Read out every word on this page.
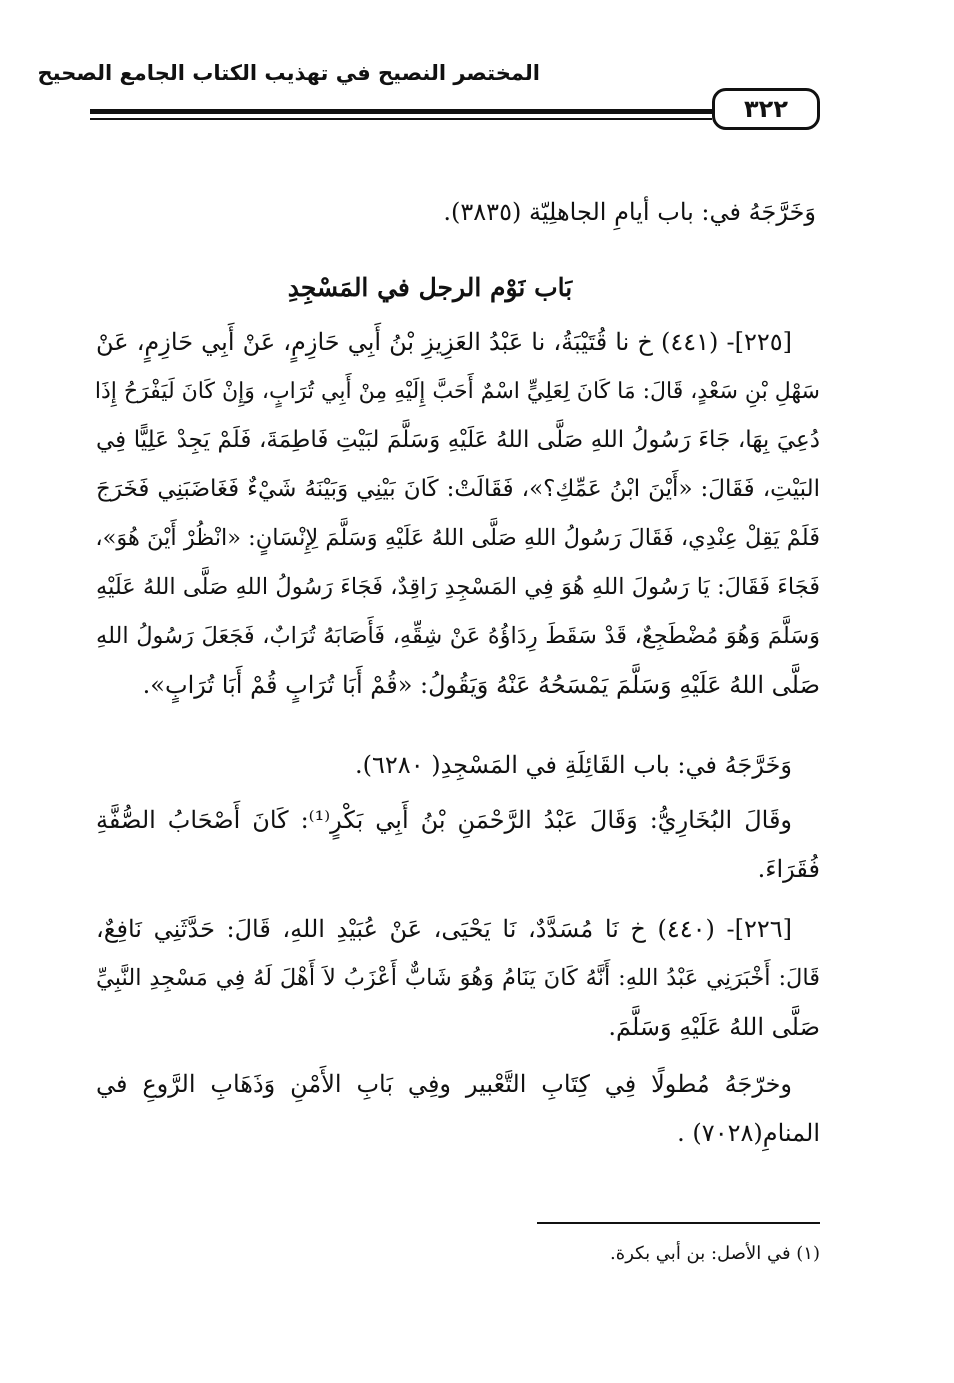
المختصر النصيح في تهذيب الكتاب الجامع الصحيح
٣٢٢
وَخَرَّجَهُ في: باب أيامِ الجاهلِيّة (٣٨٣٥).
بَاب نَوْم الرجل في المَسْجِدِ
[٢٢٥]- (٤٤١) خ نا قُتَيْبَةُ، نا عَبْدُ العَزِيزِ بْنُ أَبِي حَازِمٍ، عَنْ أَبِي حَازِمٍ، عَنْ
سَهْلِ بْنِ سَعْدٍ، قَالَ: مَا كَانَ لِعَلِيٍّ اسْمٌ أَحَبَّ إِلَيْهِ مِنْ أَبِي تُرَابٍ، وَإِنْ كَانَ لَيَفْرَحُ إِذَا
دُعِيَ بِهَا، جَاءَ رَسُولُ اللهِ صَلَّى اللهُ عَلَيْهِ وَسَلَّمَ لبَيْتِ فَاطِمَةَ، فَلَمْ يَجِدْ عَلِيًّا فِي
البَيْتِ، فَقَالَ: «أَيْنَ ابْنُ عَمِّكِ؟»، فَقَالَتْ: كَانَ بَيْنِي وَبَيْنَهُ شَيْءٌ فَغَاضَبَنِي فَخَرَجَ
فَلَمْ يَقِلْ عِنْدِي، فَقَالَ رَسُولُ اللهِ صَلَّى اللهُ عَلَيْهِ وَسَلَّمَ لِإِنْسَانٍ: «انْظُرْ أَيْنَ هُوَ»،
فَجَاءَ فَقَالَ: يَا رَسُولَ اللهِ هُوَ فِي المَسْجِدِ رَاقِدٌ، فَجَاءَ رَسُولُ اللهِ صَلَّى اللهُ عَلَيْهِ
وَسَلَّمَ وَهُوَ مُضْطَجِعٌ، قَدْ سَقَطَ رِدَاؤُهُ عَنْ شِقِّهِ، فَأَصَابَهُ تُرَابٌ، فَجَعَلَ رَسُولُ اللهِ
صَلَّى اللهُ عَلَيْهِ وَسَلَّمَ يَمْسَحُهُ عَنْهُ وَيَقُولُ: «قُمْ أَبَا تُرَابٍ قُمْ أَبَا تُرَابٍ».
وَخَرَّجَهُ في: باب القَائِلَةِ في المَسْجِدِ( ٦٢٨٠).
وقَالَ البُخَارِيُّ: وَقَالَ عَبْدُ الرَّحْمَنِ بْنُ أَبِي بَكْرٍ⁽¹⁾: كَانَ أَصْحَابُ الصُّفَّةِ
فُقَرَاءَ.
[٢٢٦]- (٤٤٠) خ نَا مُسَدَّدٌ، نَا يَحْيَى، عَنْ عُبَيْدِ اللهِ، قَالَ: حَدَّثَنِي نَافِعٌ،
قَالَ: أَخْبَرَنِي عَبْدُ اللهِ: أَنَّهُ كَانَ يَنَامُ وَهُوَ شَابٌّ أَعْزَبُ لاَ أَهْلَ لَهُ فِي مَسْجِدِ النَّبِيِّ
صَلَّى اللهُ عَلَيْهِ وَسَلَّمَ.
وخرّجَهُ مُطولًا فِي كِتَابِ التَّعْبير وفِي بَابِ الأَمْنِ وَذَهَابِ الرَّوعِ في
المنامِ(٧٠٢٨) .
(١) في الأصل: بن أبي بكرة.
